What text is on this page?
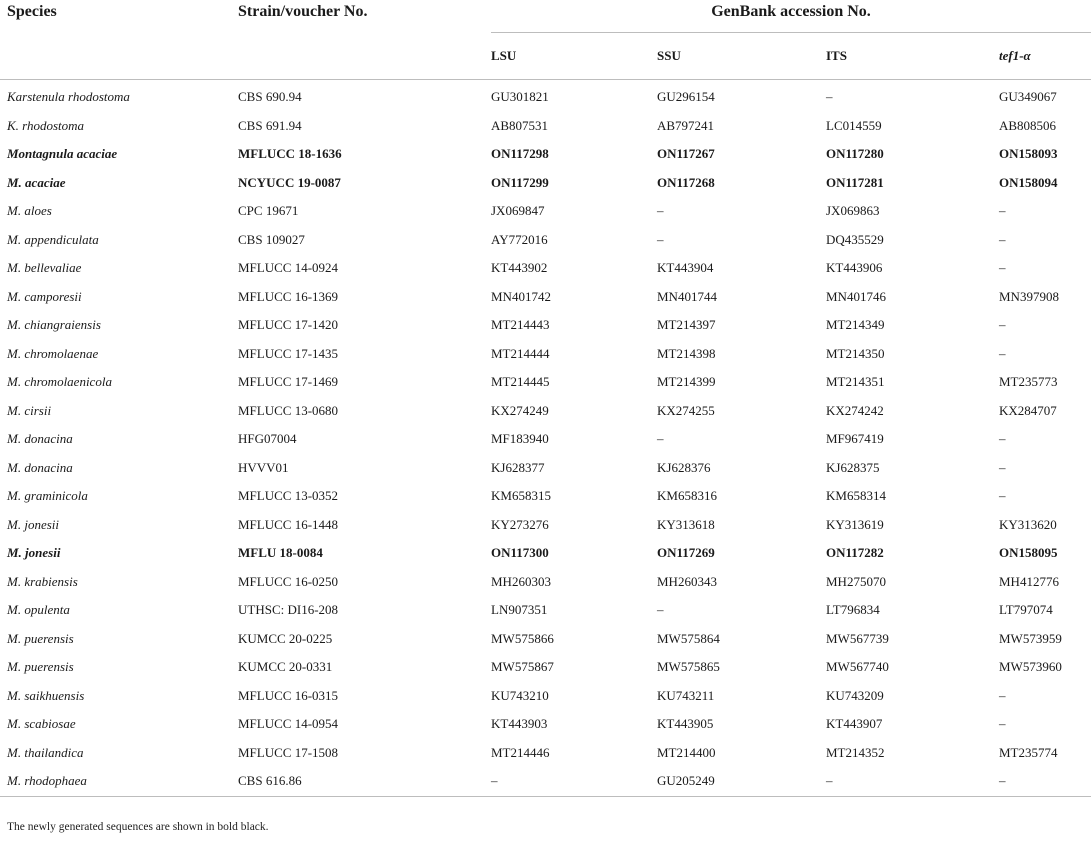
Species	Strain/voucher No.	GenBank accession No.			
		LSU	SSU	ITS	tef1-α
Karstenula rhodostoma	CBS 690.94	GU301821	GU296154	–	GU349067
K. rhodostoma	CBS 691.94	AB807531	AB797241	LC014559	AB808506
Montagnula acaciae	MFLUCC 18-1636	ON117298	ON117267	ON117280	ON158093
M. acaciae	NCYUCC 19-0087	ON117299	ON117268	ON117281	ON158094
M. aloes	CPC 19671	JX069847	–	JX069863	–
M. appendiculata	CBS 109027	AY772016	–	DQ435529	–
M. bellevaliae	MFLUCC 14-0924	KT443902	KT443904	KT443906	–
M. camporesii	MFLUCC 16-1369	MN401742	MN401744	MN401746	MN397908
M. chiangraiensis	MFLUCC 17-1420	MT214443	MT214397	MT214349	–
M. chromolaenae	MFLUCC 17-1435	MT214444	MT214398	MT214350	–
M. chromolaenicola	MFLUCC 17-1469	MT214445	MT214399	MT214351	MT235773
M. cirsii	MFLUCC 13-0680	KX274249	KX274255	KX274242	KX284707
M. donacina	HFG07004	MF183940	–	MF967419	–
M. donacina	HVVV01	KJ628377	KJ628376	KJ628375	–
M. graminicola	MFLUCC 13-0352	KM658315	KM658316	KM658314	–
M. jonesii	MFLUCC 16-1448	KY273276	KY313618	KY313619	KY313620
M. jonesii	MFLU 18-0084	ON117300	ON117269	ON117282	ON158095
M. krabiensis	MFLUCC 16-0250	MH260303	MH260343	MH275070	MH412776
M. opulenta	UTHSC: DI16-208	LN907351	–	LT796834	LT797074
M. puerensis	KUMCC 20-0225	MW575866	MW575864	MW567739	MW573959
M. puerensis	KUMCC 20-0331	MW575867	MW575865	MW567740	MW573960
M. saikhuensis	MFLUCC 16-0315	KU743210	KU743211	KU743209	–
M. scabiosae	MFLUCC 14-0954	KT443903	KT443905	KT443907	–
M. thailandica	MFLUCC 17-1508	MT214446	MT214400	MT214352	MT235774
M. rhodophaea	CBS 616.86	–	GU205249	–	–
The newly generated sequences are shown in bold black.
